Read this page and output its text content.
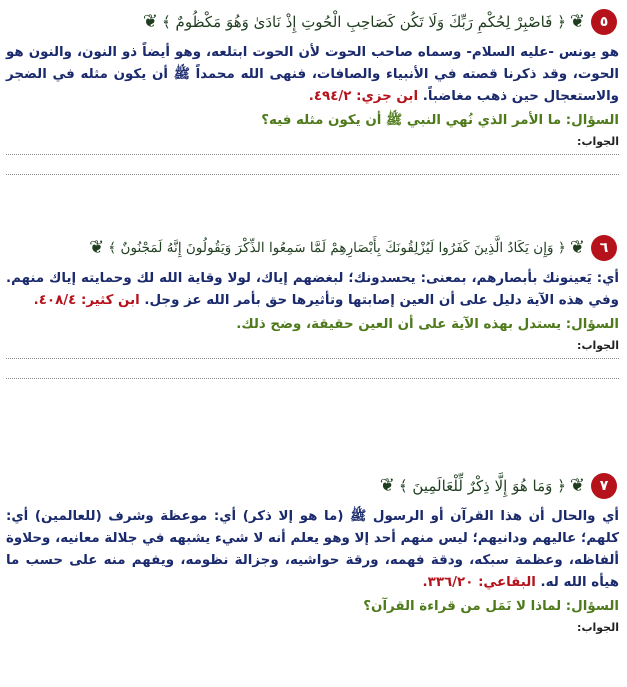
٥
❦
﴿ فَاصْبِرْ لِحُكْمِ رَبِّكَ وَلَا تَكُن كَصَاحِبِ الْحُوتِ إِذْ نَادَىٰ وَهُوَ مَكْظُومٌ ﴾
❦

هو يونس -عليه السلام- وسماه صاحب الحوت لأن الحوت ابتلعه، وهو أيضاً ذو النون، والنون هو الحوت، وقد ذكرنا قصته في الأنبياء والصافات، فنهى الله محمداً ﷺ أن يكون مثله في الضجر والاستعجال حين ذهب مغاضباً. ابن جزي: ٤٩٤/٢.

السؤال: ما الأمر الذي نُهي النبي ﷺ أن يكون مثله فيه؟
الجواب:
٦
❦
﴿ وَإِن يَكَادُ الَّذِينَ كَفَرُوا لَيُزْلِقُونَكَ بِأَبْصَارِهِمْ لَمَّا سَمِعُوا الذِّكْرَ وَيَقُولُونَ إِنَّهُ لَمَجْنُونٌ ﴾
❦

أي: يَعينونك بأبصارهم، بمعنى: يحسدونك؛ لبغضهم إياك، لولا وقاية الله لك وحمايته إياك منهم. وفي هذه الآية دليل على أن العين إصابتها وتأثيرها حق بأمر الله عز وجل. ابن كثير: ٤٠٨/٤.

السؤال: يستدل بهذه الآية على أن العين حقيقة، وضح ذلك.
الجواب:
٧
❦
﴿ وَمَا هُوَ إِلَّا ذِكْرٌ لِّلْعَالَمِينَ ﴾
❦

أي والحال أن هذا القرآن أو الرسول ﷺ (ما هو إلا ذكر) أي: موعظة وشرف (للعالمين) أي: كلهم؛ عاليهم ودانيهم؛ ليس منهم أحد إلا وهو يعلم أنه لا شيء يشبهه في جلالة معانيه، وحلاوة ألفاظه، وعظمة سبكه، ودقة فهمه، ورقة حواشيه، وجزالة نظومه، ويفهم منه على حسب ما هيأه الله له. البقاعي: ٣٣٦/٢٠.

السؤال: لماذا لا نَمَل من قراءة القرآن؟
الجواب:
